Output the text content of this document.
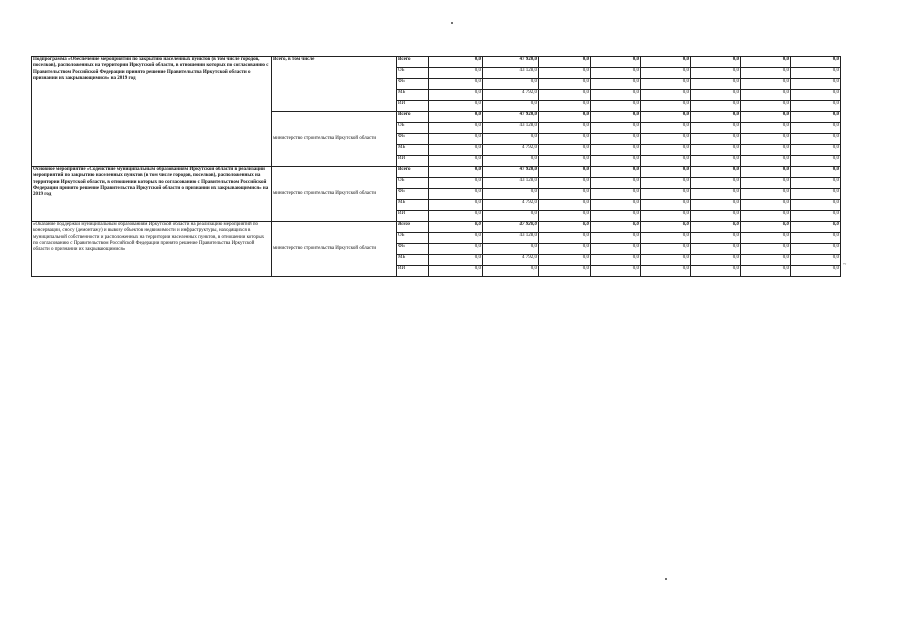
Подпрограмма «Обеспечение мероприятий по закрытию населенных пунктов (в том числе городов, поселков), расположенных на территории Иркутской области, в отношении которых по согласованию с Правительством Российской Федерации принято решение Правительства Иркутской области о признании их закрывающимися» на 2019 год	Всего, в том числе	Всего	0,0	47 920,0	0,0	0,0	0,0	0,0	0,0	0,0
		ОБ	0,0	43 128,0	0,0	0,0	0,0	0,0	0,0	0,0
		ФБ	0,0	0,0	0,0	0,0	0,0	0,0	0,0	0,0
		МБ	0,0	4 792,0	0,0	0,0	0,0	0,0	0,0	0,0
		ИИ	0,0	0,0	0,0	0,0	0,0	0,0	0,0	0,0
	министерство строительства Иркутской области	Всего	0,0	47 920,0	0,0	0,0	0,0	0,0	0,0	0,0
		ОБ	0,0	43 128,0	0,0	0,0	0,0	0,0	0,0	0,0
		ФБ	0,0	0,0	0,0	0,0	0,0	0,0	0,0	0,0
		МБ	0,0	4 792,0	0,0	0,0	0,0	0,0	0,0	0,0
		ИИ	0,0	0,0	0,0	0,0	0,0	0,0	0,0	0,0
Основное мероприятие «Содействие муниципальным образованиям Иркутской области в реализации мероприятий по закрытию населенных пунктов (в том числе городов, поселков), расположенных на территории Иркутской области, в отношении которых по согласованию с Правительством Российской Федерации принято решение Правительства Иркутской области о признании их закрывающимися» на 2019 год	министерство строительства Иркутской области	Всего	0,0	47 920,0	0,0	0,0	0,0	0,0	0,0	0,0
		ОБ	0,0	43 128,0	0,0	0,0	0,0	0,0	0,0	0,0
		ФБ	0,0	0,0	0,0	0,0	0,0	0,0	0,0	0,0
		МБ	0,0	4 792,0	0,0	0,0	0,0	0,0	0,0	0,0
		ИИ	0,0	0,0	0,0	0,0	0,0	0,0	0,0	0,0
«Оказание поддержки муниципальным образованиям Иркутской области на реализацию мероприятий по консервации, сносу (демонтажу) и вывозу объектов недвижимости и инфраструктуры, находящихся в муниципальной собственности и расположенных на территории населенных пунктов, в отношении которых по согласованию с Правительством Российской Федерации принято решение Правительства Иркутской области о признании их закрывающимися»	министерство строительства Иркутской области	Всего	0,0	47 920,0	0,0	0,0	0,0	0,0	0,0	0,0
		ОБ	0,0	43 128,0	0,0	0,0	0,0	0,0	0,0	0,0
		ФБ	0,0	0,0	0,0	0,0	0,0	0,0	0,0	0,0
		МБ	0,0	4 792,0	0,0	0,0	0,0	0,0	0,0	0,0
		ИИ	0,0	0,0	0,0	0,0	0,0	0,0	0,0	0,0
~
